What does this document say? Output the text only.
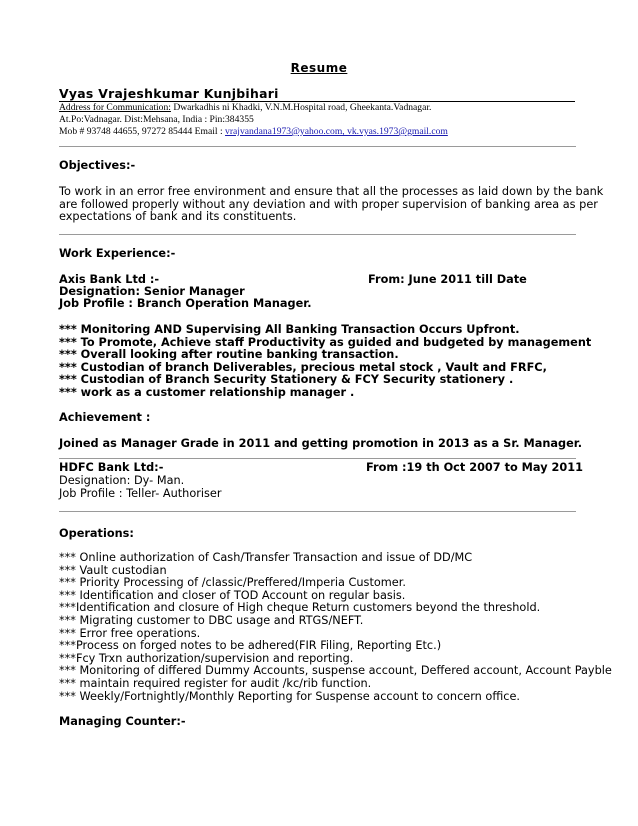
Resume
Vyas Vrajeshkumar Kunjbihari
Address for Communication: Dwarkadhis ni Khadki, V.N.M.Hospital road, Gheekanta.Vadnagar.
At.Po:Vadnagar. Dist:Mehsana, India : Pin:384355
Mob # 93748 44655, 97272 85444 Email : vrajvandana1973@yahoo.com, vk.vyas.1973@gmail.com
Objectives:-
To work in an error free environment and ensure that all the processes as laid down by the bank
are followed properly without any deviation and with proper supervision of banking area as per
expectations of bank and its constituents.
Work Experience:-
Axis Bank Ltd :-	From: June 2011 till Date
Designation: Senior Manager
Job Profile : Branch Operation Manager.
*** Monitoring AND Supervising All Banking Transaction Occurs Upfront.
*** To Promote, Achieve staff Productivity as guided and budgeted by management
*** Overall looking after routine banking transaction.
*** Custodian of branch Deliverables, precious metal stock , Vault and FRFC,
*** Custodian of Branch Security Stationery & FCY Security stationery .
*** work as a customer relationship manager .
Achievement :
Joined as Manager Grade in 2011 and getting promotion in 2013 as a Sr. Manager.
HDFC Bank Ltd:-	From :19 th Oct 2007 to May 2011
Designation: Dy- Man.
Job Profile : Teller- Authoriser
Operations:
*** Online authorization of Cash/Transfer Transaction and issue of DD/MC
*** Vault custodian
*** Priority Processing of /classic/Preffered/Imperia Customer.
*** Identification and closer of TOD Account on regular basis.
***Identification and closure of High cheque Return customers beyond the threshold.
*** Migrating customer to DBC usage and RTGS/NEFT.
*** Error free operations.
***Process on forged notes to be adhered(FIR Filing, Reporting Etc.)
***Fcy Trxn authorization/supervision and reporting.
*** Monitoring of differed Dummy Accounts, suspense account, Deffered account, Account Payble
*** maintain required register for audit /kc/rib function.
*** Weekly/Fortnightly/Monthly Reporting for Suspense account to concern office.
Managing Counter:-
